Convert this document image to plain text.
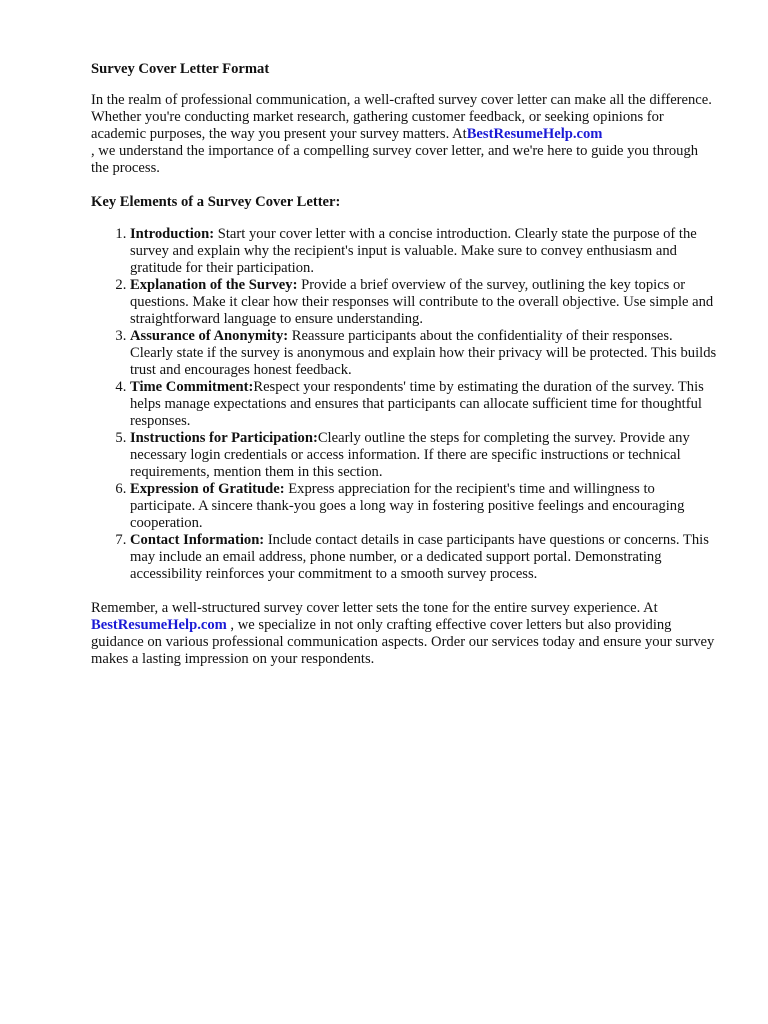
Survey Cover Letter Format

In the realm of professional communication, a well-crafted survey cover letter can make all the difference. Whether you're conducting market research, gathering customer feedback, or seeking opinions for academic purposes, the way you present your survey matters. AtBestResumeHelp.com
, we understand the importance of a compelling survey cover letter, and we're here to guide you through the process.

Key Elements of a Survey Cover Letter:

1. Introduction: Start your cover letter with a concise introduction. Clearly state the purpose of the survey and explain why the recipient's input is valuable. Make sure to convey enthusiasm and gratitude for their participation.
2. Explanation of the Survey: Provide a brief overview of the survey, outlining the key topics or questions. Make it clear how their responses will contribute to the overall objective. Use simple and straightforward language to ensure understanding.
3. Assurance of Anonymity: Reassure participants about the confidentiality of their responses. Clearly state if the survey is anonymous and explain how their privacy will be protected. This builds trust and encourages honest feedback.
4. Time Commitment:Respect your respondents' time by estimating the duration of the survey. This helps manage expectations and ensures that participants can allocate sufficient time for thoughtful responses.
5. Instructions for Participation:Clearly outline the steps for completing the survey. Provide any necessary login credentials or access information. If there are specific instructions or technical requirements, mention them in this section.
6. Expression of Gratitude: Express appreciation for the recipient's time and willingness to participate. A sincere thank-you goes a long way in fostering positive feelings and encouraging cooperation.
7. Contact Information: Include contact details in case participants have questions or concerns. This may include an email address, phone number, or a dedicated support portal. Demonstrating accessibility reinforces your commitment to a smooth survey process.

Remember, a well-structured survey cover letter sets the tone for the entire survey experience. At
BestResumeHelp.com , we specialize in not only crafting effective cover letters but also providing guidance on various professional communication aspects. Order our services today and ensure your survey makes a lasting impression on your respondents.
